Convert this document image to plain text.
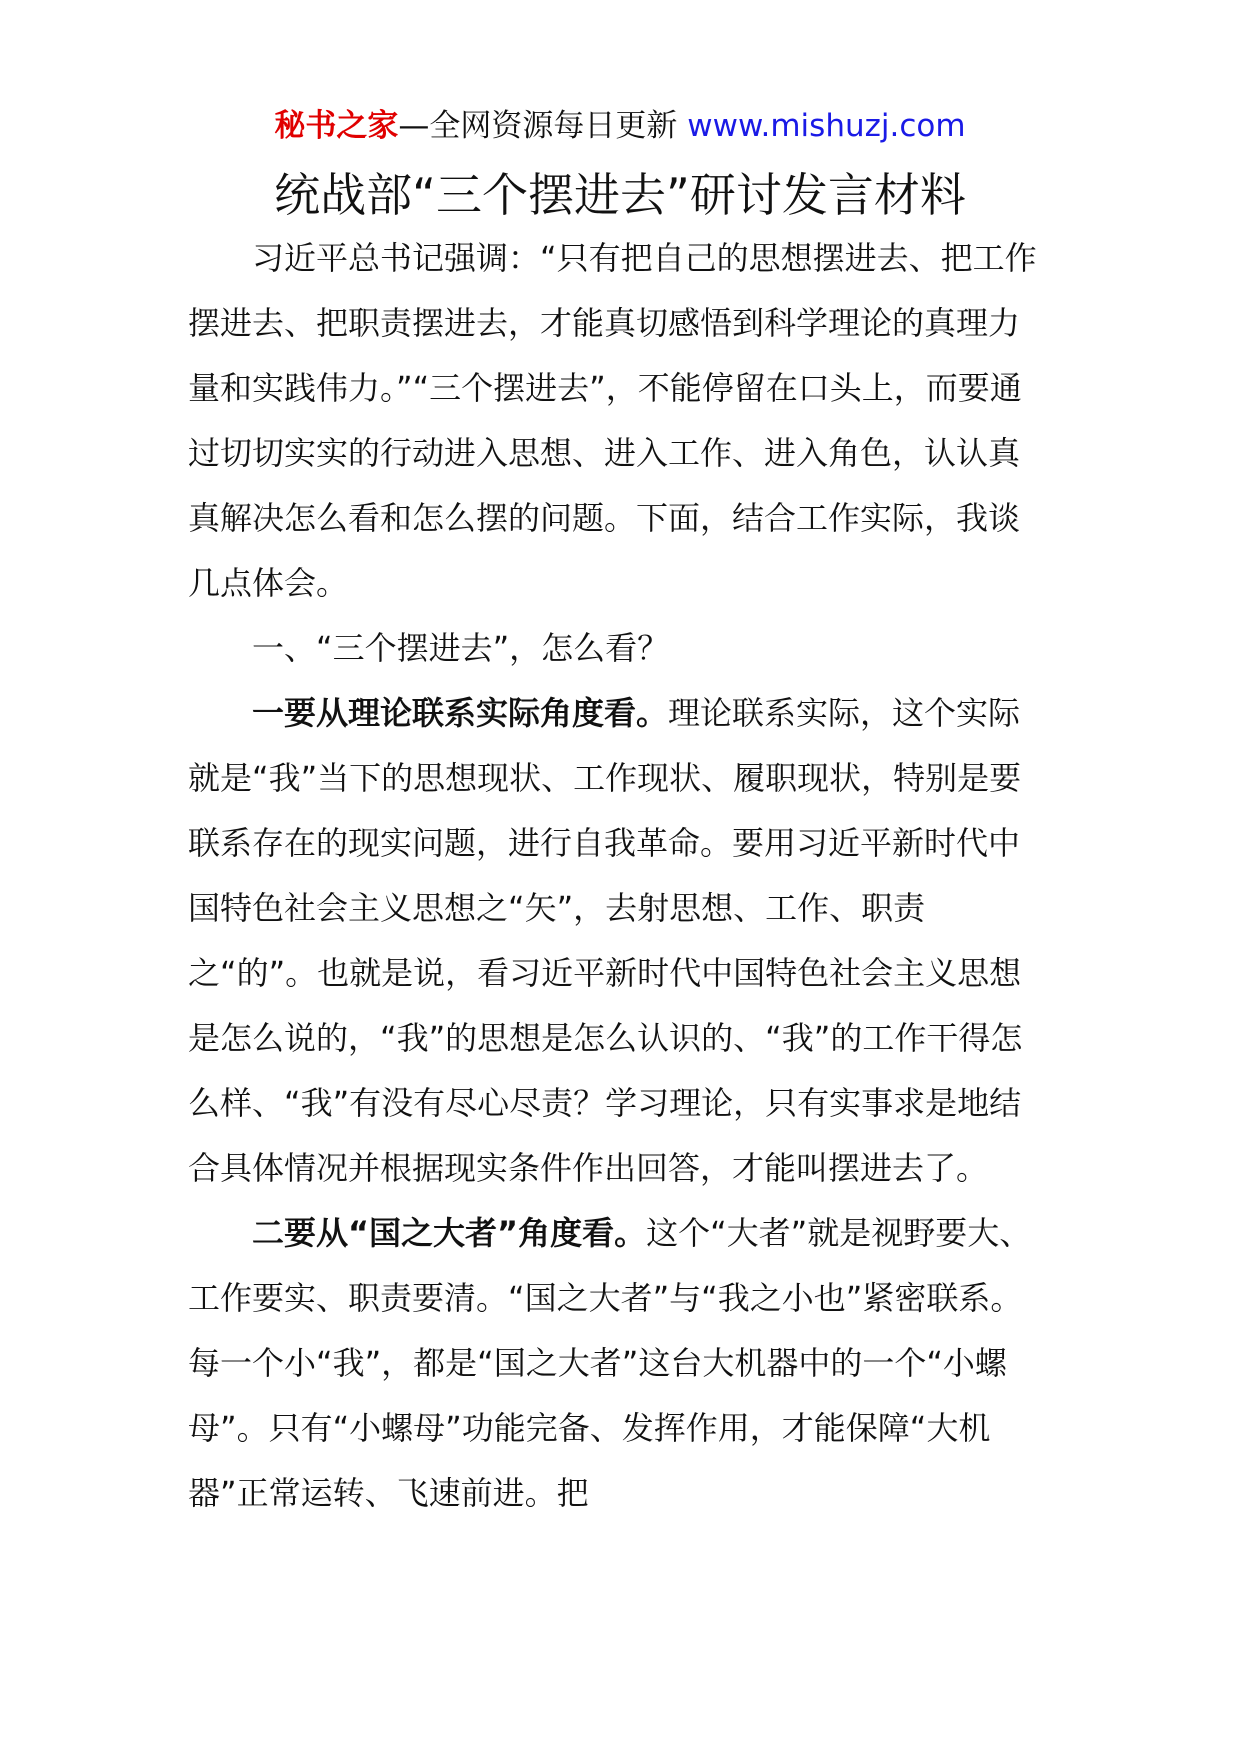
秘书之家—全网资源每日更新 www.mishuzj.com
统战部“三个摆进去”研讨发言材料

习近平总书记强调：“只有把自己的思想摆进去、把工作摆进去、把职责摆进去，才能真切感悟到科学理论的真理力量和实践伟力。”“三个摆进去”，不能停留在口头上，而要通过切切实实的行动进入思想、进入工作、进入角色，认认真真解决怎么看和怎么摆的问题。下面，结合工作实际，我谈几点体会。

一、“三个摆进去”，怎么看？

一要从理论联系实际角度看。理论联系实际，这个实际就是“我”当下的思想现状、工作现状、履职现状，特别是要联系存在的现实问题，进行自我革命。要用习近平新时代中国特色社会主义思想之“矢”，去射思想、工作、职责之“的”。也就是说，看习近平新时代中国特色社会主义思想是怎么说的，“我”的思想是怎么认识的、“我”的工作干得怎么样、“我”有没有尽心尽责？学习理论，只有实事求是地结合具体情况并根据现实条件作出回答，才能叫摆进去了。

二要从“国之大者”角度看。这个“大者”就是视野要大、工作要实、职责要清。“国之大者”与“我之小也”紧密联系。每一个小“我”，都是“国之大者”这台大机器中的一个“小螺母”。只有“小螺母”功能完备、发挥作用，才能保障“大机器”正常运转、飞速前进。把
